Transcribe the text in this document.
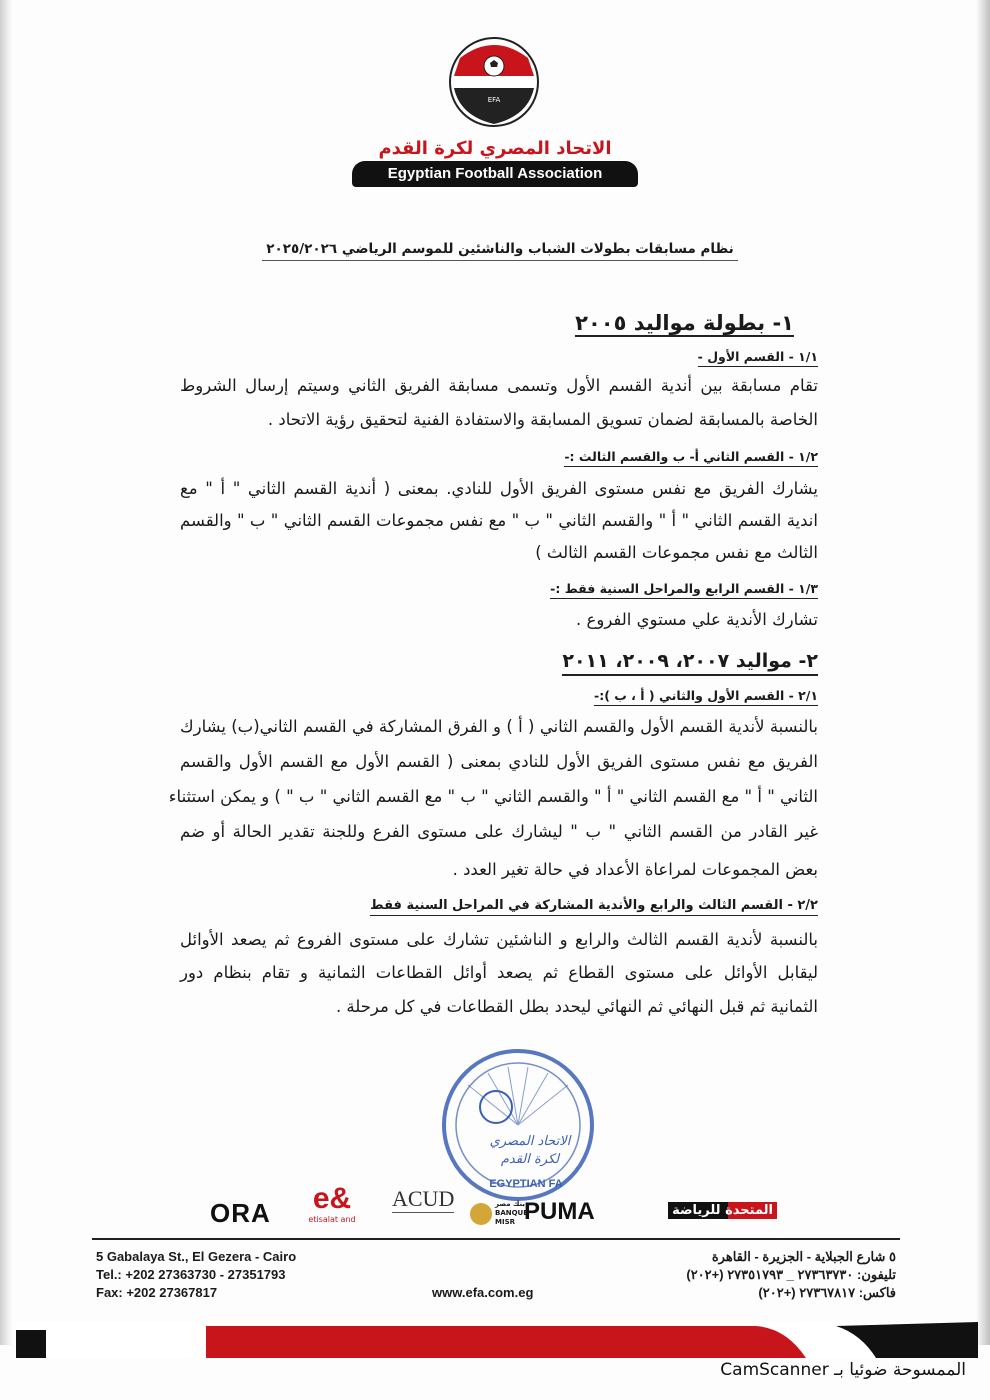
EFA
الاتحاد المصري لكرة القدم
Egyptian Football Association
نظام مسابقات بطولات الشباب والناشئين للموسم الرياضي ٢٠٢٥/٢٠٢٦
١- بطولة مواليد ٢٠٠٥
١/١ - القسم الأول -
تقام مسابقة بين أندية القسم الأول وتسمى مسابقة الفريق الثاني وسيتم إرسال الشروط
الخاصة بالمسابقة لضمان تسويق المسابقة والاستفادة الفنية لتحقيق رؤية الاتحاد .
١/٢ - القسم الثاني أ- ب والقسم الثالث :-
يشارك الفريق مع نفس مستوى الفريق الأول للنادي. بمعنى ( أندية القسم الثاني " أ " مع
اندية القسم الثاني " أ " والقسم الثاني " ب " مع نفس مجموعات القسم الثاني " ب " والقسم
الثالث مع نفس مجموعات القسم الثالث )
١/٣ - القسم الرابع والمراحل السنية فقط :-
تشارك الأندية علي مستوي الفروع .
٢- مواليد ٢٠٠٧، ٢٠٠٩، ٢٠١١
٢/١ - القسم الأول والثاني ( أ ، ب ):-
بالنسبة لأندية القسم الأول والقسم الثاني ( أ ) و الفرق المشاركة في القسم الثاني(ب) يشارك
الفريق مع نفس مستوى الفريق الأول للنادي بمعنى ( القسم الأول مع القسم الأول والقسم
الثاني " أ " مع القسم الثاني " أ " والقسم الثاني " ب " مع القسم الثاني " ب " ) و يمكن استثناء
غير القادر من القسم الثاني " ب " ليشارك على مستوى الفرع وللجنة تقدير الحالة أو ضم
بعض المجموعات لمراعاة الأعداد في حالة تغير العدد .
٢/٢ - القسم الثالث والرابع والأندية المشاركة في المراحل السنية فقط
بالنسبة لأندية القسم الثالث والرابع و الناشئين تشارك على مستوى الفروع ثم يصعد الأوائل
ليقابل الأوائل على مستوى القطاع ثم يصعد أوائل القطاعات الثمانية و تقام بنظام دور
الثمانية ثم قبل النهائي ثم النهائي ليحدد بطل القطاعات في كل مرحلة .
الاتحاد المصري
لكرة القدم
EGYPTIAN FA
ORA	e&
etisalat and
ACUD	بنك مصر BANQUE MISR PUMA	المتحدة للرياضة
5 Gabalaya St., El Gezera - Cairo
Tel.: +202 27363730 - 27351793
Fax: +202 27367817	www.efa.com.eg
٥ شارع الجبلاية - الجزيرة - القاهرة
تليفون: ٢٧٣٦٣٧٣٠ _ ٢٧٣٥١٧٩٣ (+٢٠٢)
فاكس: ٢٧٣٦٧٨١٧ (+٢٠٢)
الممسوحة ضوئيا بـ CamScanner
